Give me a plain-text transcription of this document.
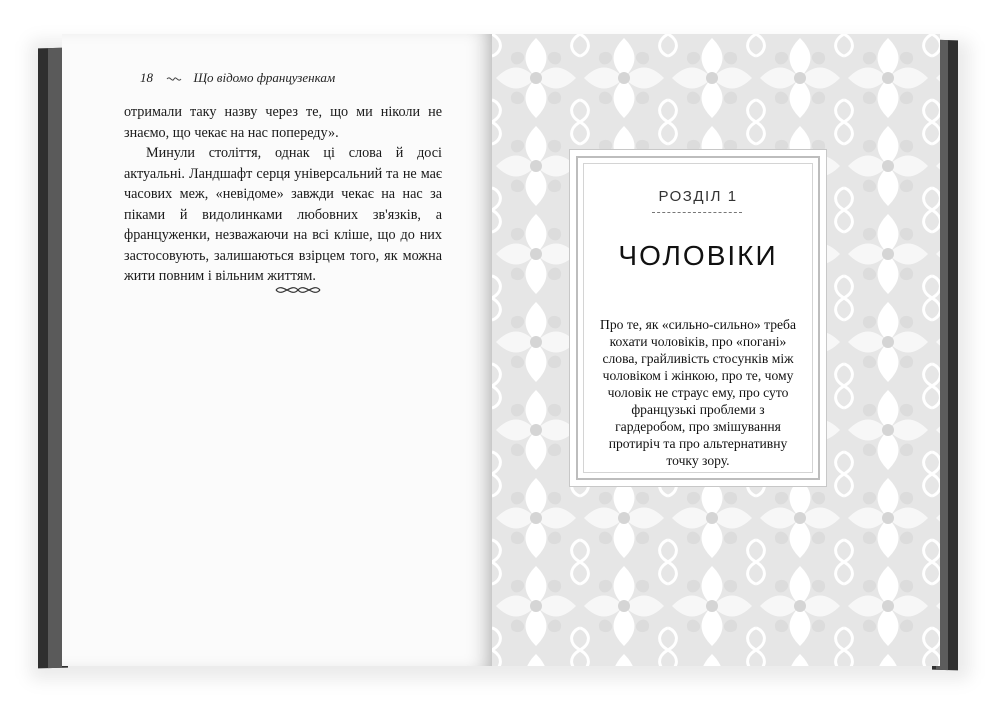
18	Що відомо французенкам

отримали таку назву через те, що ми ніколи не знаємо, що чекає на нас попереду».

Минули століття, однак ці слова й досі актуальні. Ландшафт серця універсальний та не має часових меж, «невідоме» завжди чекає на нас за піками й видолинками любовних зв'язків, а француженки, незважаючи на всі кліше, що до них застосовують, залишаються взірцем того, як можна жити повним і вільним життям.

РОЗДІЛ 1
ЧОЛОВІКИ
Про те, як «сильно-сильно» треба кохати чоловіків, про «погані» слова, грайливість стосунків між чоловіком і жінкою, про те, чому чоловік не страус ему, про суто французькі проблеми з гардеробом, про змішування протиріч та про альтернативну точку зору.
